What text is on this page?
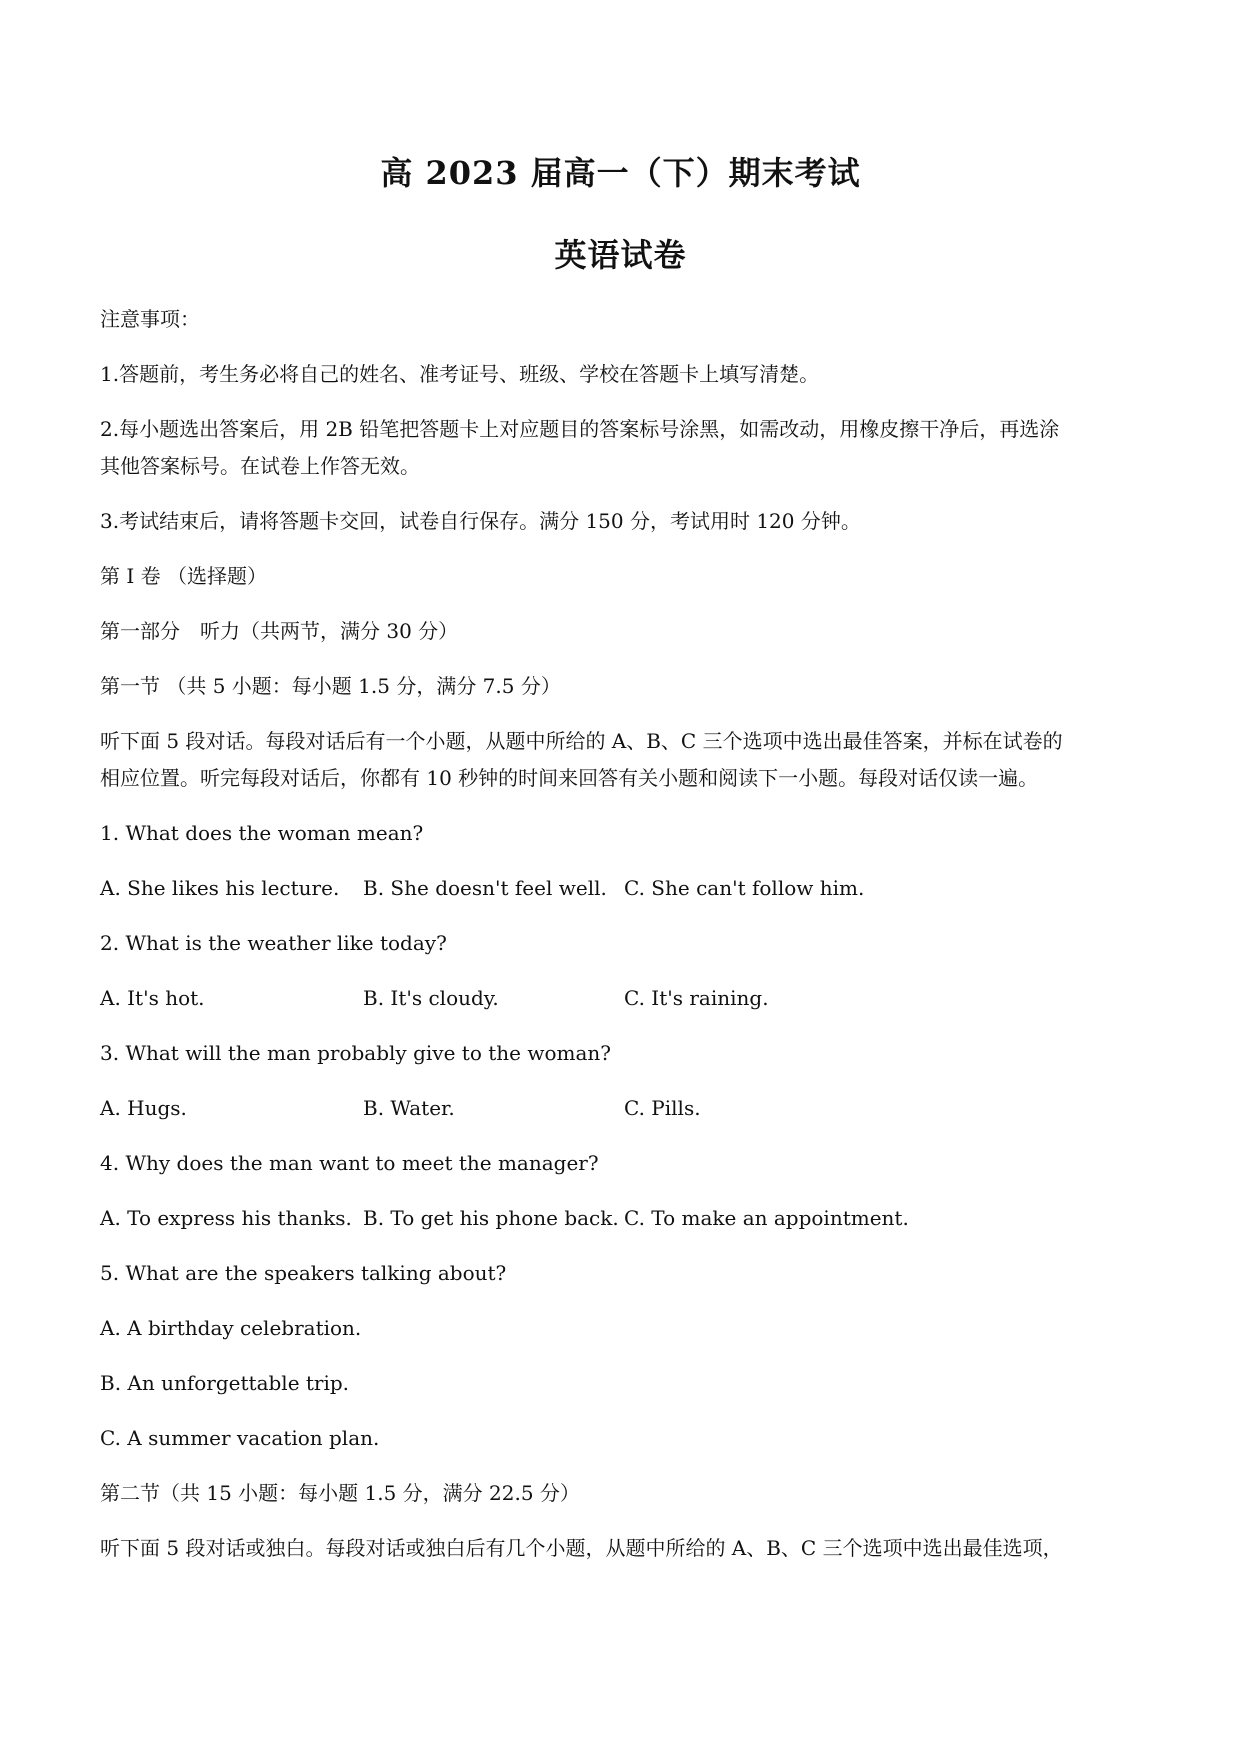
高 2023 届高一（下）期末考试
英语试卷
注意事项：
1.答题前，考生务必将自己的姓名、准考证号、班级、学校在答题卡上填写清楚。
2.每小题选出答案后，用 2B 铅笔把答题卡上对应题目的答案标号涂黑，如需改动，用橡皮擦干净后，再选涂
其他答案标号。在试卷上作答无效。
3.考试结束后，请将答题卡交回，试卷自行保存。满分 150 分，考试用时 120 分钟。
第 I 卷 （选择题）
第一部分　听力（共两节，满分 30 分）
第一节 （共 5 小题：每小题 1.5 分，满分 7.5 分）
听下面 5 段对话。每段对话后有一个小题，从题中所给的 A、B、C 三个选项中选出最佳答案，并标在试卷的
相应位置。听完每段对话后，你都有 10 秒钟的时间来回答有关小题和阅读下一小题。每段对话仅读一遍。
1. What does the woman mean?
A. She likes his lecture. B. She doesn't feel well. C. She can't follow him.
2. What is the weather like today?
A. It's hot.	B. It's cloudy.	C. It's raining.
3. What will the man probably give to the woman?
A. Hugs.	B. Water.	C. Pills.
4. Why does the man want to meet the manager?
A. To express his thanks. B. To get his phone back. C. To make an appointment.
5. What are the speakers talking about?
A. A birthday celebration.
B. An unforgettable trip.
C. A summer vacation plan.
第二节（共 15 小题：每小题 1.5 分，满分 22.5 分）
听下面 5 段对话或独白。每段对话或独白后有几个小题，从题中所给的 A、B、C 三个选项中选出最佳选项，
